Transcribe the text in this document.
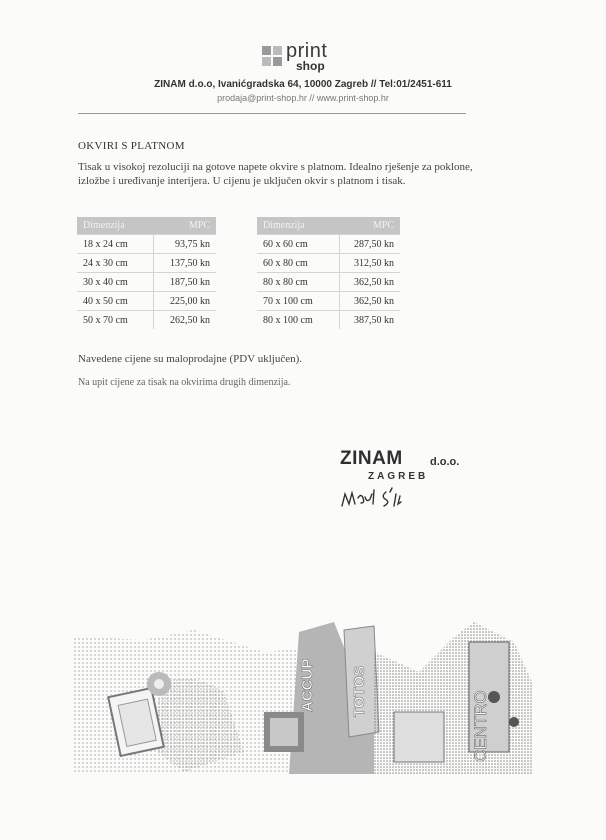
print
shop
ZINAM d.o.o, Ivanićgradska 64, 10000 Zagreb // Tel:01/2451-611
prodaja@print-shop.hr // www.print-shop.hr
OKVIRI S PLATNOM
Tisak u visokoj rezoluciji na gotove napete okvire s platnom. Idealno rješenje za poklone, izložbe i uređivanje interijera. U cijenu je uključen okvir s platnom i tisak.
Dimenzija	MPC
18 x 24 cm	93,75 kn
24 x 30 cm	137,50 kn
30 x 40 cm	187,50 kn
40 x 50 cm	225,00 kn
50 x 70 cm	262,50 kn
Dimenzija	MPC
60 x 60 cm	287,50 kn
60 x 80 cm	312,50 kn
80 x 80 cm	362,50 kn
70 x 100 cm	362,50 kn
80 x 100 cm	387,50 kn
Navedene cijene su maloprodajne (PDV uključen).
Na upit cijene za tisak na okvirima drugih dimenzija.
ZINAM d.o.o.
ZAGREB
ACCUP TOTOS	CENTRO
